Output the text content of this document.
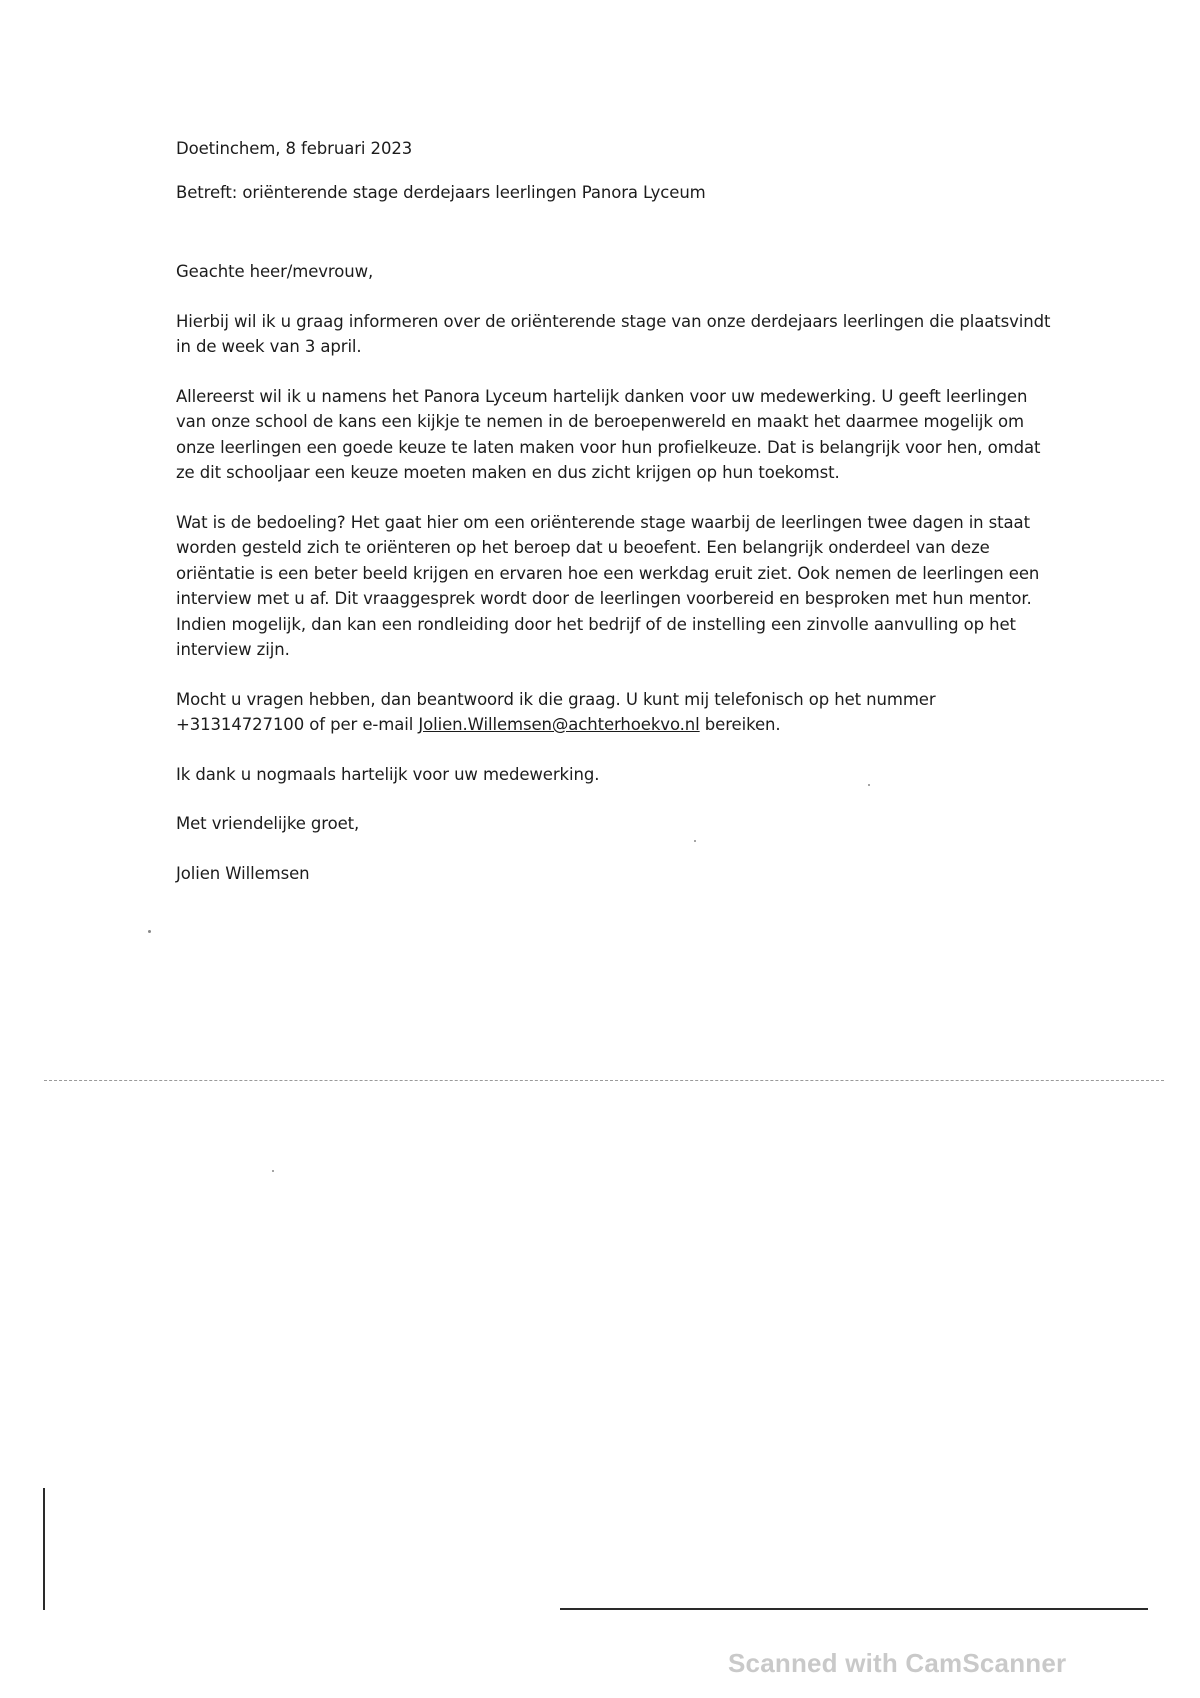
Doetinchem, 8 februari 2023

Betreft: oriënterende stage derdejaars leerlingen Panora Lyceum

Geachte heer/mevrouw,

Hierbij wil ik u graag informeren over de oriënterende stage van onze derdejaars leerlingen die plaatsvindt in de week van 3 april.

Allereerst wil ik u namens het Panora Lyceum hartelijk danken voor uw medewerking. U geeft leerlingen van onze school de kans een kijkje te nemen in de beroepenwereld en maakt het daarmee mogelijk om onze leerlingen een goede keuze te laten maken voor hun profielkeuze. Dat is belangrijk voor hen, omdat ze dit schooljaar een keuze moeten maken en dus zicht krijgen op hun toekomst.

Wat is de bedoeling? Het gaat hier om een oriënterende stage waarbij de leerlingen twee dagen in staat worden gesteld zich te oriënteren op het beroep dat u beoefent. Een belangrijk onderdeel van deze oriëntatie is een beter beeld krijgen en ervaren hoe een werkdag eruit ziet. Ook nemen de leerlingen een interview met u af. Dit vraaggesprek wordt door de leerlingen voorbereid en besproken met hun mentor. Indien mogelijk, dan kan een rondleiding door het bedrijf of de instelling een zinvolle aanvulling op het interview zijn.

Mocht u vragen hebben, dan beantwoord ik die graag. U kunt mij telefonisch op het nummer +31314727100 of per e-mail Jolien.Willemsen@achterhoekvo.nl bereiken.

Ik dank u nogmaals hartelijk voor uw medewerking.

Met vriendelijke groet,

Jolien Willemsen

Scanned with CamScanner
